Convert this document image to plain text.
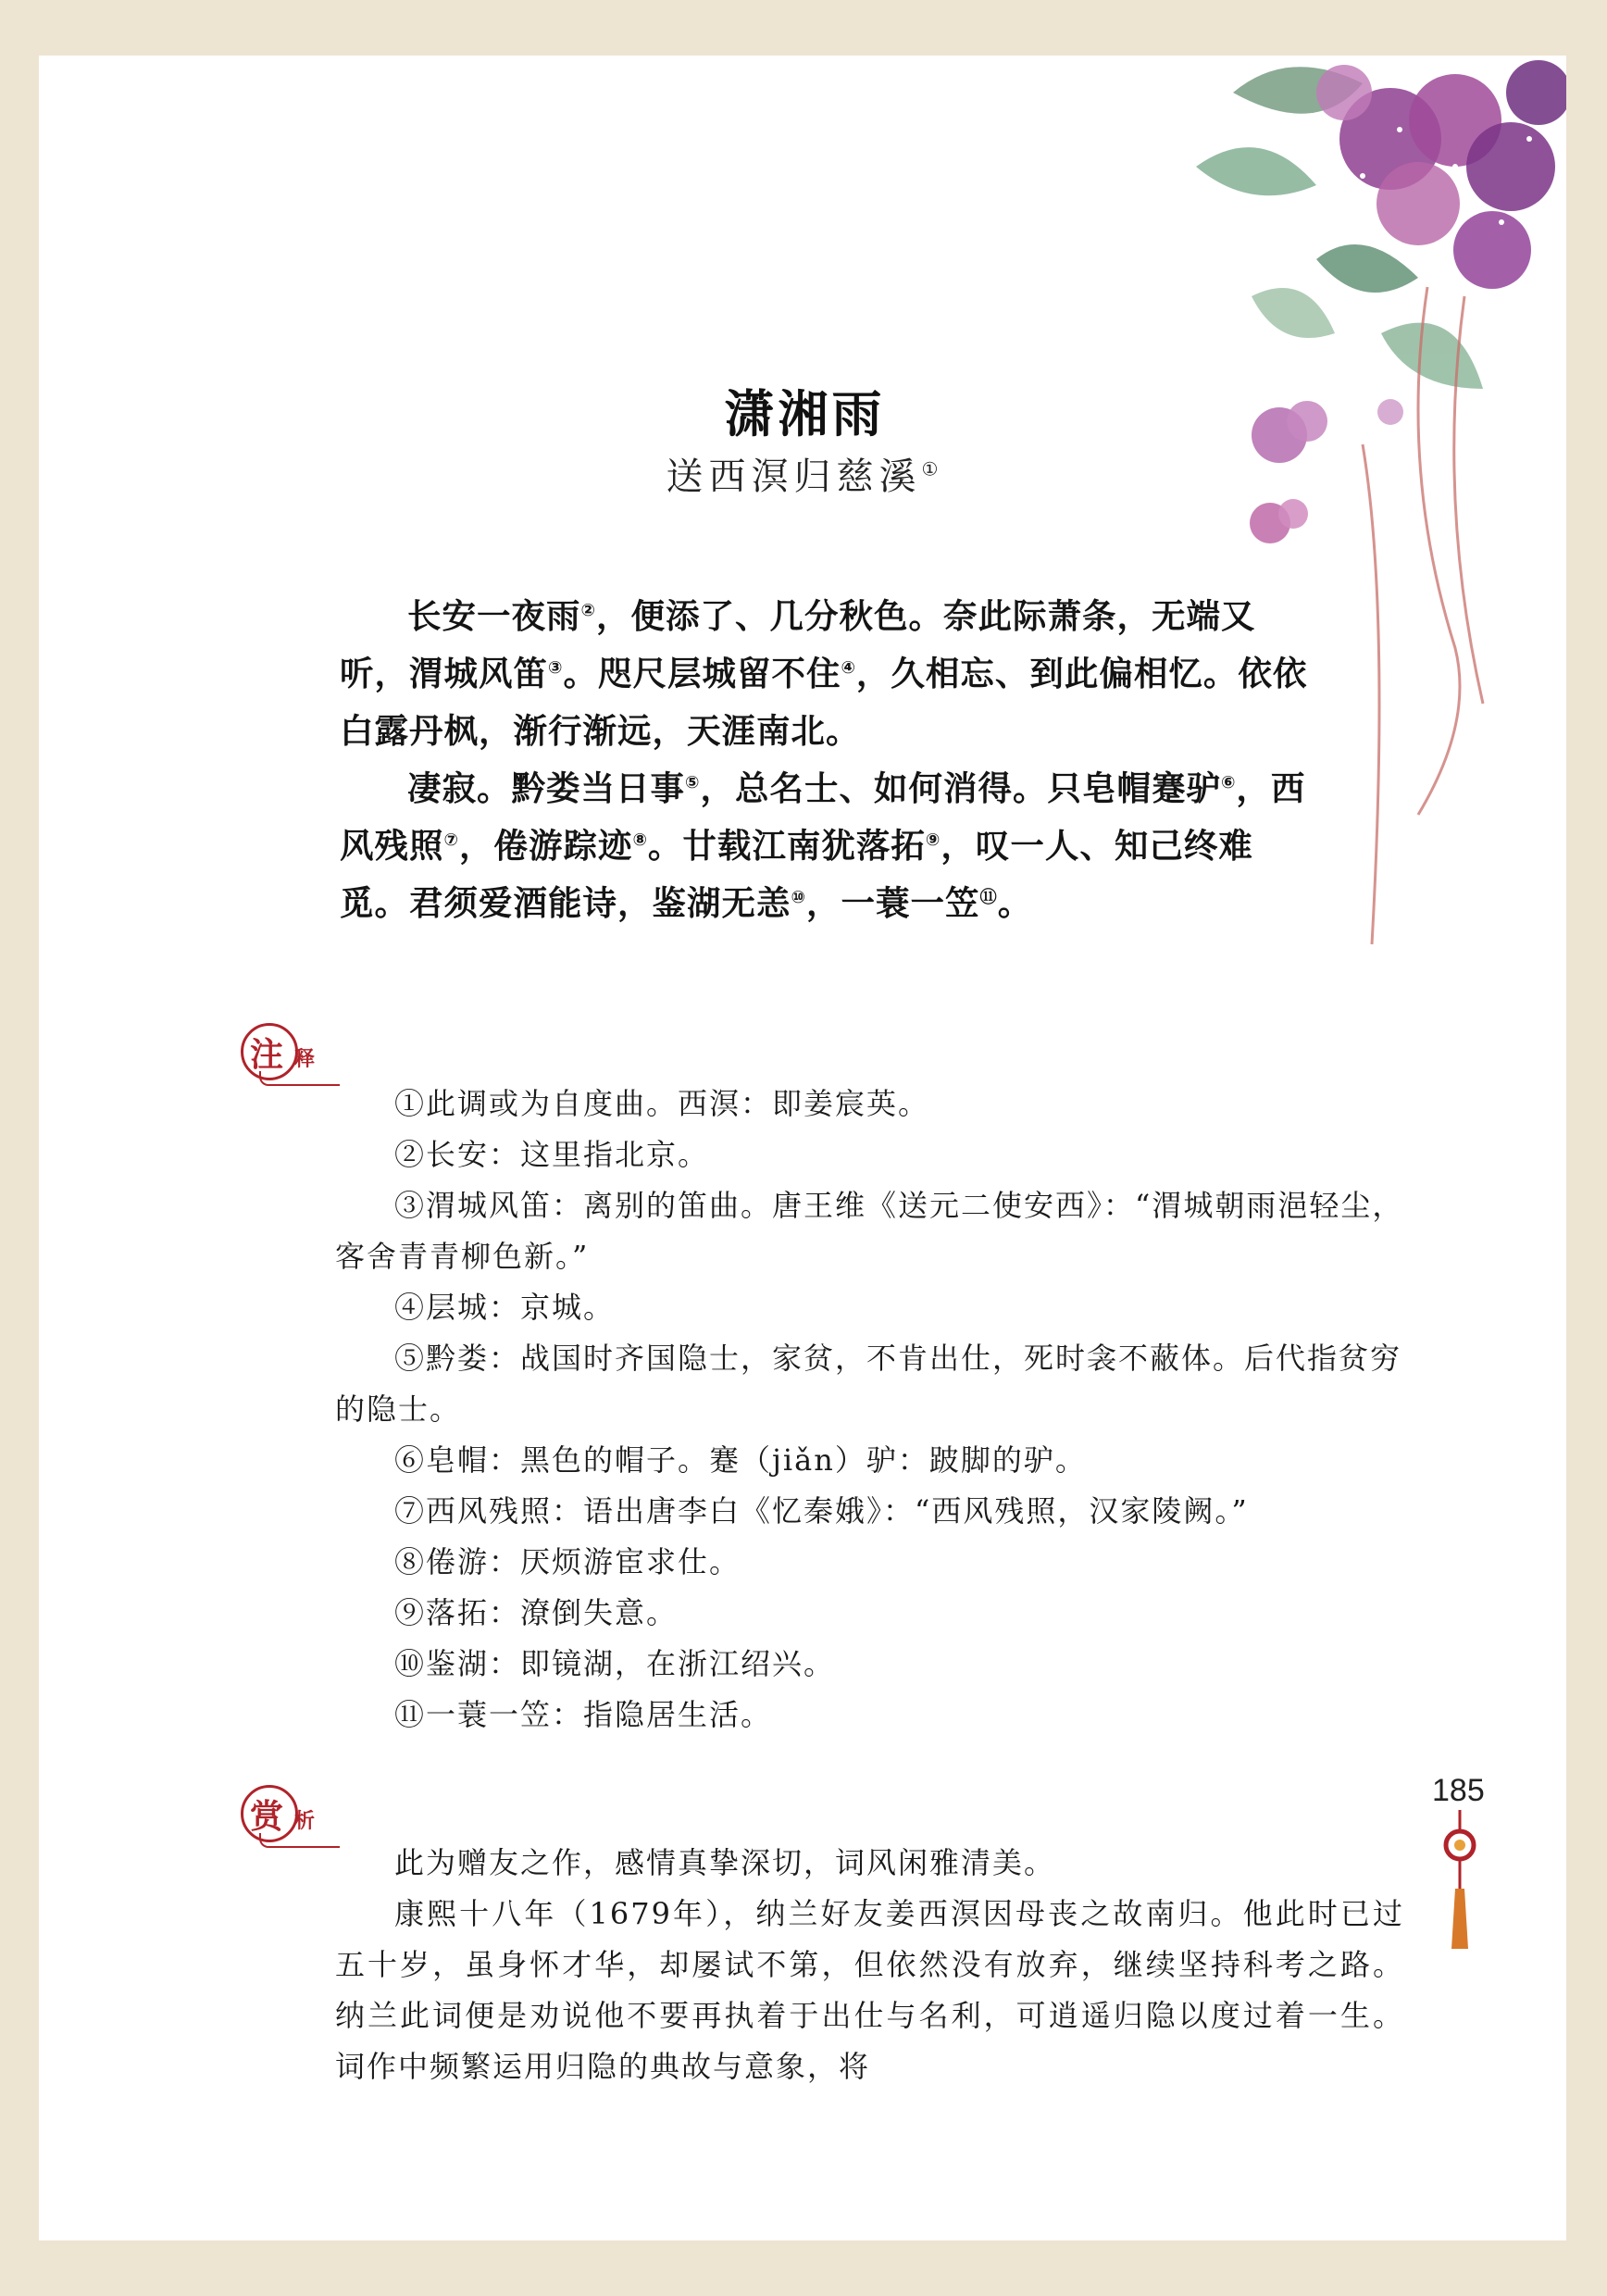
潇湘雨
送西溟归慈溪①

长安一夜雨②，便添了、几分秋色。奈此际萧条，无端又听，渭城风笛③。咫尺层城留不住④，久相忘、到此偏相忆。依依白露丹枫，渐行渐远，天涯南北。

凄寂。黔娄当日事⑤，总名士、如何消得。只皂帽蹇驴⑥，西风残照⑦，倦游踪迹⑧。廿载江南犹落拓⑨，叹一人、知己终难觅。君须爱酒能诗，鉴湖无恙⑩，一蓑一笠⑪。

注 释

①此调或为自度曲。西溟：即姜宸英。

②长安：这里指北京。

③渭城风笛：离别的笛曲。唐王维《送元二使安西》：“渭城朝雨浥轻尘，客舍青青柳色新。”

④层城：京城。

⑤黔娄：战国时齐国隐士，家贫，不肯出仕，死时衾不蔽体。后代指贫穷的隐士。

⑥皂帽：黑色的帽子。蹇（jiǎn）驴：跛脚的驴。

⑦西风残照：语出唐李白《忆秦娥》：“西风残照，汉家陵阙。”

⑧倦游：厌烦游宦求仕。

⑨落拓：潦倒失意。

⑩鉴湖：即镜湖，在浙江绍兴。

⑪一蓑一笠：指隐居生活。

赏 析

此为赠友之作，感情真挚深切，词风闲雅清美。

康熙十八年（1679年），纳兰好友姜西溟因母丧之故南归。他此时已过五十岁，虽身怀才华，却屡试不第，但依然没有放弃，继续坚持科考之路。纳兰此词便是劝说他不要再执着于出仕与名利，可逍遥归隐以度过着一生。词作中频繁运用归隐的典故与意象，将

185
